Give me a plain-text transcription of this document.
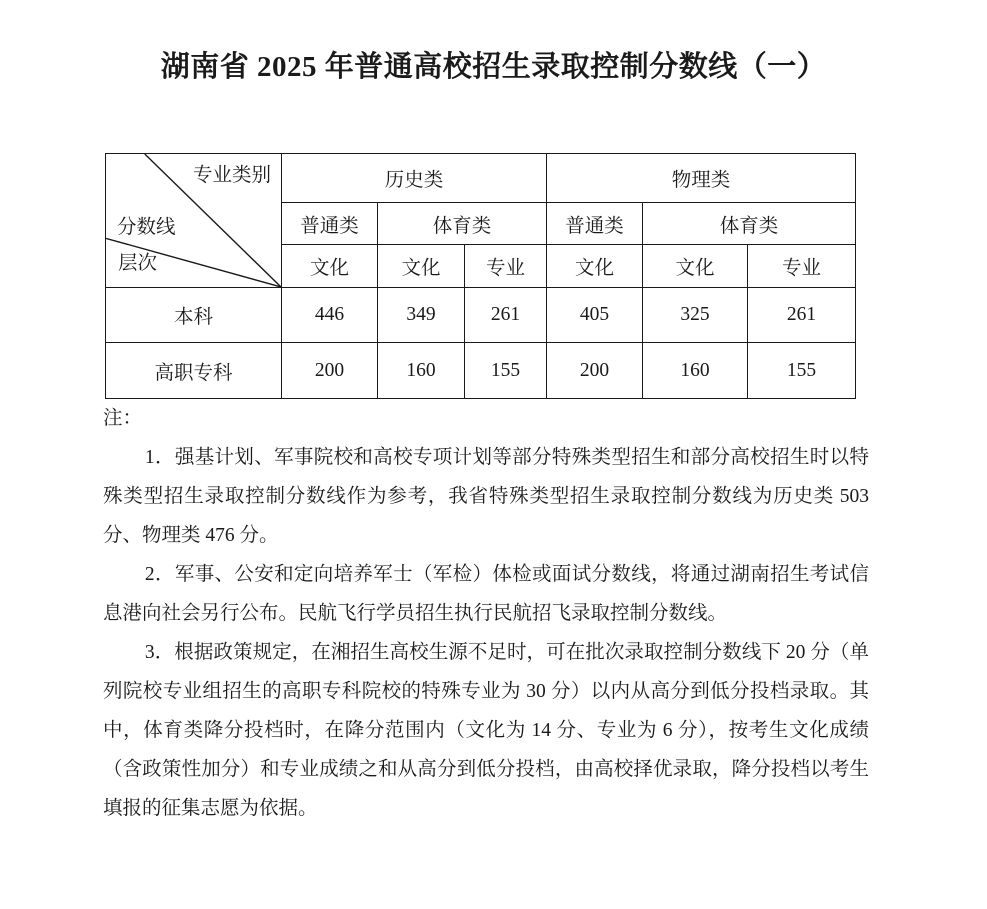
湖南省 2025 年普通高校招生录取控制分数线（一）
专业类别
分数线
层次	历史类			物理类		
	普通类	体育类		普通类	体育类	
	文化	文化	专业	文化	文化	专业
本科	446	349	261	405	325	261
高职专科	200	160	155	200	160	155

注：

1．强基计划、军事院校和高校专项计划等部分特殊类型招生和部分高校招生时以特殊类型招生录取控制分数线作为参考，我省特殊类型招生录取控制分数线为历史类 503 分、物理类 476 分。

2．军事、公安和定向培养军士（军检）体检或面试分数线，将通过湖南招生考试信息港向社会另行公布。民航飞行学员招生执行民航招飞录取控制分数线。

3．根据政策规定，在湘招生高校生源不足时，可在批次录取控制分数线下 20 分（单列院校专业组招生的高职专科院校的特殊专业为 30 分）以内从高分到低分投档录取。其中，体育类降分投档时，在降分范围内（文化为 14 分、专业为 6 分），按考生文化成绩（含政策性加分）和专业成绩之和从高分到低分投档，由高校择优录取，降分投档以考生填报的征集志愿为依据。
